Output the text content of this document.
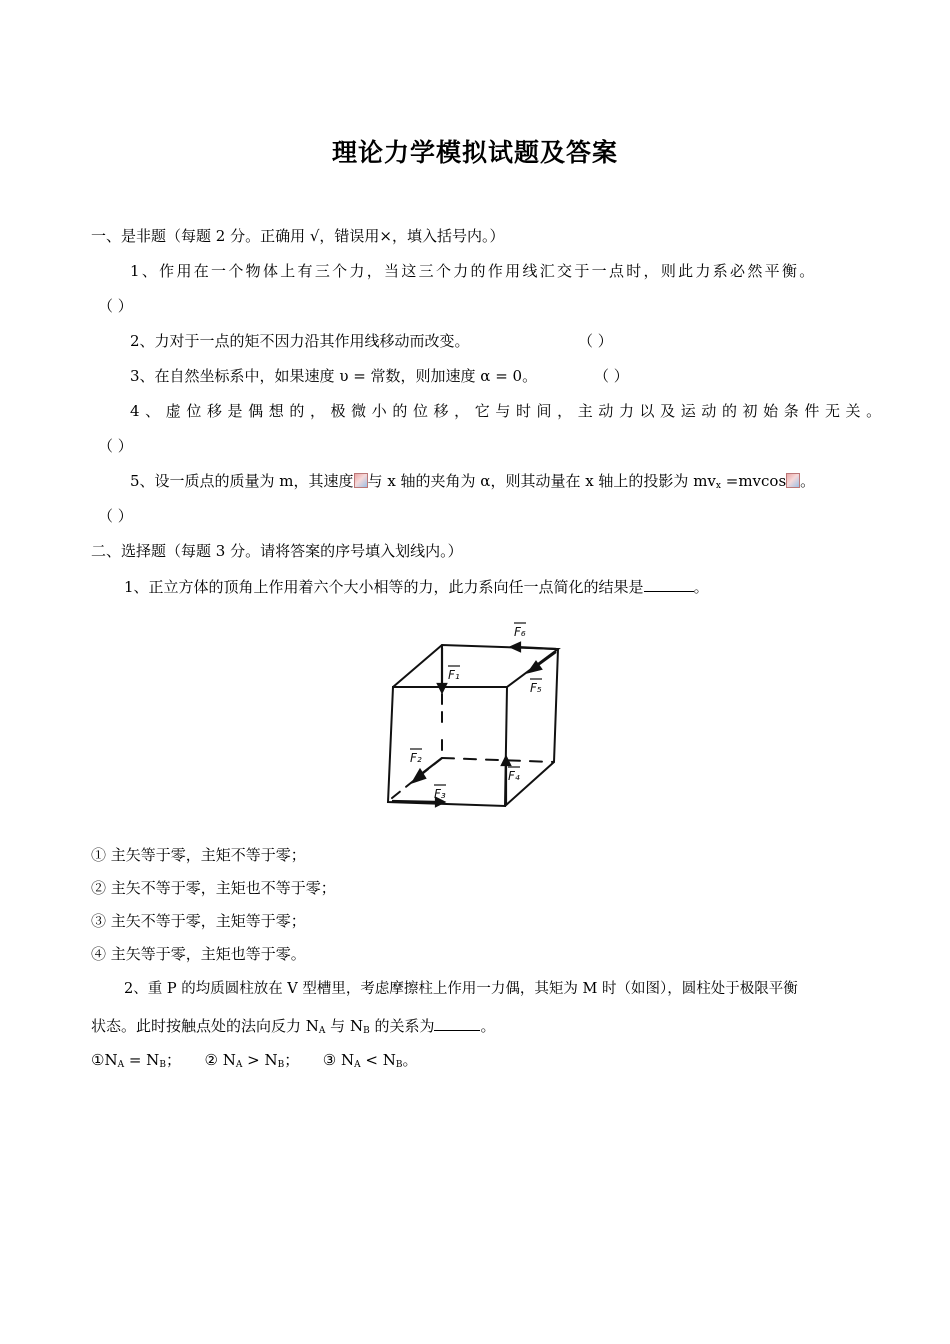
理论力学模拟试题及答案
一、是非题（每题 2 分。正确用 √，错误用×，填入括号内。）
1、作用在一个物体上有三个力，当这三个力的作用线汇交于一点时，则此力系必然平衡。
（ ）
2、力对于一点的矩不因力沿其作用线移动而改变。	（ ）
3、在自然坐标系中，如果速度 υ = 常数，则加速度 α = 0。	（ ）
4、虚位移是偶想的，极微小的位移，它与时间，主动力以及运动的初始条件无关。
（ ）
5、设一质点的质量为 m，其速度 与 x 轴的夹角为 α，则其动量在 x 轴上的投影为 $mv_x =mvcos$ 。
（ ）
二、选择题（每题 3 分。请将答案的序号填入划线内。）
1、正立方体的顶角上作用着六个大小相等的力，此力系向任一点简化的结果是	。
F₁
F₂
F₃
F₄
F₅
F₆
① 主矢等于零，主矩不等于零；
② 主矢不等于零，主矩也不等于零；
③ 主矢不等于零，主矩等于零；
④ 主矢等于零，主矩也等于零。
2、重 P 的均质圆柱放在 V 型槽里，考虑摩擦柱上作用一力偶，其矩为 M 时（如图），圆柱处于极限平衡
状态。此时按触点处的法向反力 $N_A$ 与 $N_B$ 的关系为	。
$①N_A = N_B$； ② $N_A > N_B$； ③ $N_A < N_B$。
